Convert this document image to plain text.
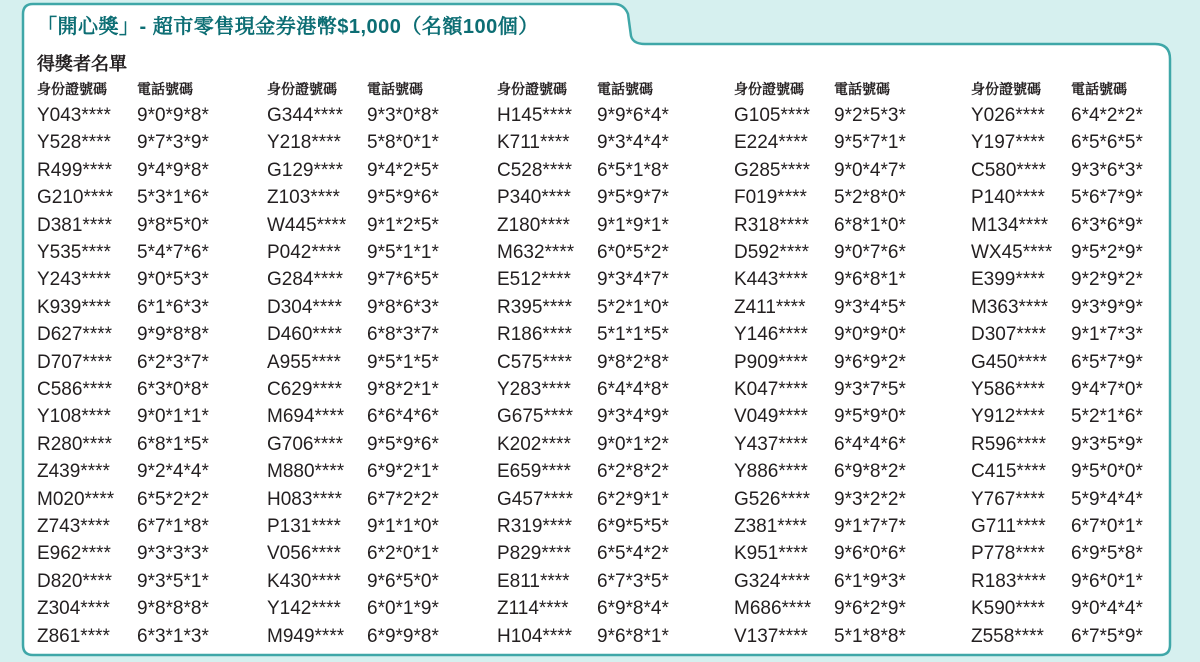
「開心獎」- 超市零售現金券港幣$1,000（名額100個）
得獎者名單
身份證號碼 電話號碼
Y043**** 9*0*9*8*
Y528**** 9*7*3*9*
R499**** 9*4*9*8*
G210**** 5*3*1*6*
D381**** 9*8*5*0*
Y535**** 5*4*7*6*
Y243**** 9*0*5*3*
K939**** 6*1*6*3*
D627**** 9*9*8*8*
D707**** 6*2*3*7*
C586**** 6*3*0*8*
Y108**** 9*0*1*1*
R280**** 6*8*1*5*
Z439**** 9*2*4*4*
M020**** 6*5*2*2*
Z743**** 6*7*1*8*
E962**** 9*3*3*3*
D820**** 9*3*5*1*
Z304**** 9*8*8*8*
Z861**** 6*3*1*3*
身份證號碼 電話號碼
G344**** 9*3*0*8*
Y218**** 5*8*0*1*
G129**** 9*4*2*5*
Z103**** 9*5*9*6*
W445**** 9*1*2*5*
P042**** 9*5*1*1*
G284**** 9*7*6*5*
D304**** 9*8*6*3*
D460**** 6*8*3*7*
A955**** 9*5*1*5*
C629**** 9*8*2*1*
M694**** 6*6*4*6*
G706**** 9*5*9*6*
M880**** 6*9*2*1*
H083**** 6*7*2*2*
P131**** 9*1*1*0*
V056**** 6*2*0*1*
K430**** 9*6*5*0*
Y142**** 6*0*1*9*
M949**** 6*9*9*8*
身份證號碼 電話號碼
H145**** 9*9*6*4*
K711**** 9*3*4*4*
C528**** 6*5*1*8*
P340**** 9*5*9*7*
Z180**** 9*1*9*1*
M632**** 6*0*5*2*
E512**** 9*3*4*7*
R395**** 5*2*1*0*
R186**** 5*1*1*5*
C575**** 9*8*2*8*
Y283**** 6*4*4*8*
G675**** 9*3*4*9*
K202**** 9*0*1*2*
E659**** 6*2*8*2*
G457**** 6*2*9*1*
R319**** 6*9*5*5*
P829**** 6*5*4*2*
E811**** 6*7*3*5*
Z114**** 6*9*8*4*
H104**** 9*6*8*1*
身份證號碼 電話號碼
G105**** 9*2*5*3*
E224**** 9*5*7*1*
G285**** 9*0*4*7*
F019**** 5*2*8*0*
R318**** 6*8*1*0*
D592**** 9*0*7*6*
K443**** 9*6*8*1*
Z411**** 9*3*4*5*
Y146**** 9*0*9*0*
P909**** 9*6*9*2*
K047**** 9*3*7*5*
V049**** 9*5*9*0*
Y437**** 6*4*4*6*
Y886**** 6*9*8*2*
G526**** 9*3*2*2*
Z381**** 9*1*7*7*
K951**** 9*6*0*6*
G324**** 6*1*9*3*
M686**** 9*6*2*9*
V137**** 5*1*8*8*
身份證號碼 電話號碼
Y026**** 6*4*2*2*
Y197**** 6*5*6*5*
C580**** 9*3*6*3*
P140**** 5*6*7*9*
M134**** 6*3*6*9*
WX45**** 9*5*2*9*
E399**** 9*2*9*2*
M363**** 9*3*9*9*
D307**** 9*1*7*3*
G450**** 6*5*7*9*
Y586**** 9*4*7*0*
Y912**** 5*2*1*6*
R596**** 9*3*5*9*
C415**** 9*5*0*0*
Y767**** 5*9*4*4*
G711**** 6*7*0*1*
P778**** 6*9*5*8*
R183**** 9*6*0*1*
K590**** 9*0*4*4*
Z558**** 6*7*5*9*
